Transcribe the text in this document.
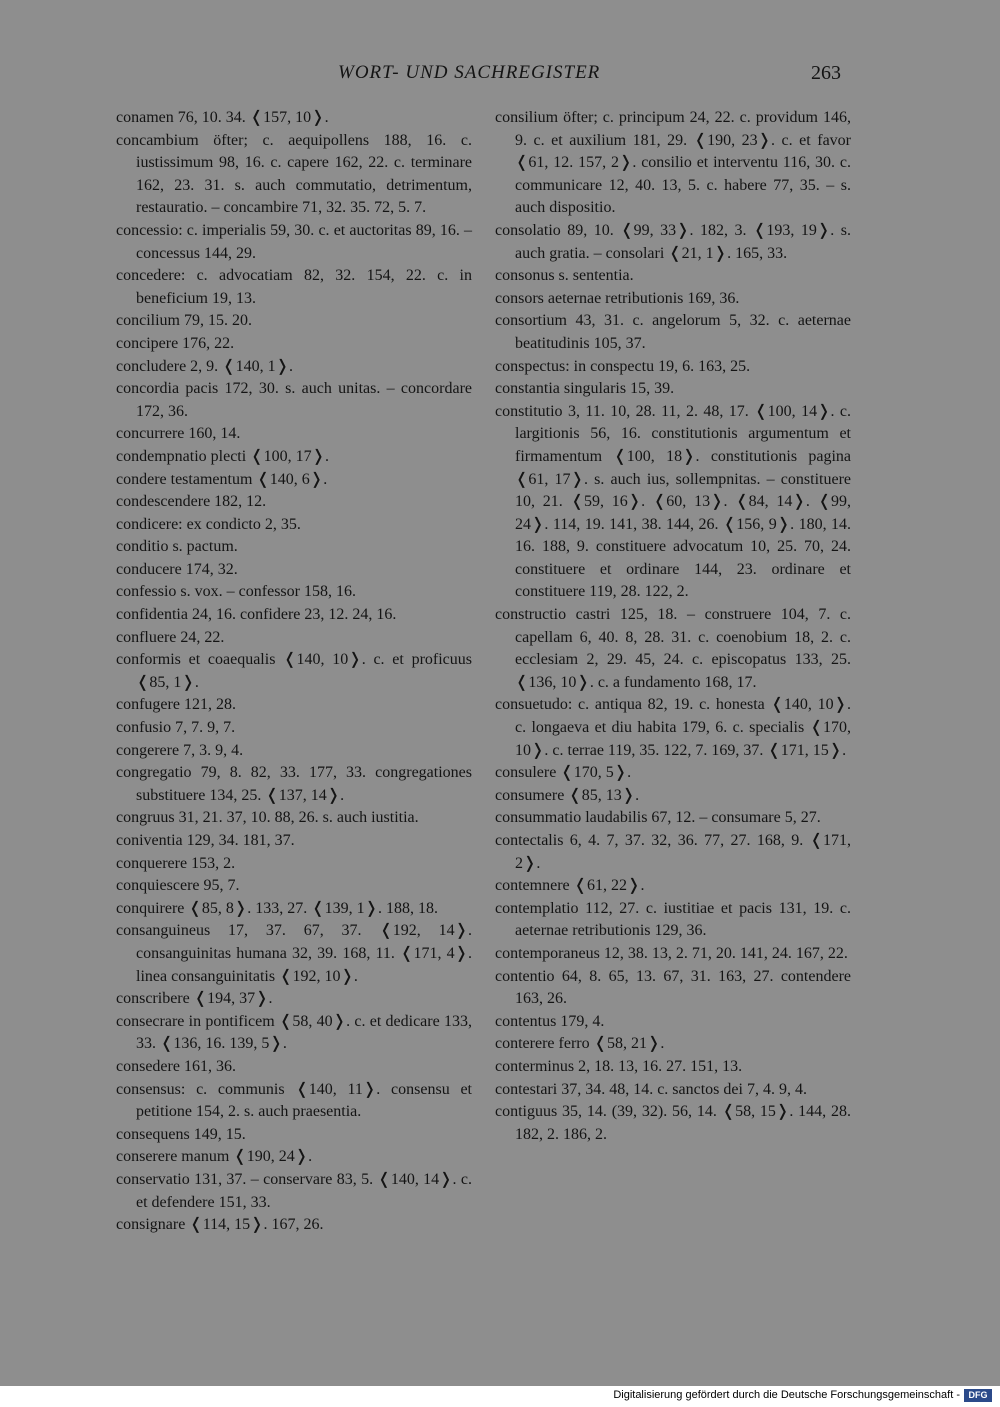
WORT- UND SACHREGISTER	263
conamen 76, 10. 34. ❬157, 10❭.
concambium öfter; c. aequipollens 188, 16. c. iustissimum 98, 16. c. capere 162, 22. c. terminare 162, 23. 31. s. auch commutatio, detrimentum, restauratio. – concambire 71, 32. 35. 72, 5. 7.
concessio: c. imperialis 59, 30. c. et auctoritas 89, 16. – concessus 144, 29.
concedere: c. advocatiam 82, 32. 154, 22. c. in beneficium 19, 13.
concilium 79, 15. 20.
concipere 176, 22.
concludere 2, 9. ❬140, 1❭.
concordia pacis 172, 30. s. auch unitas. – concordare 172, 36.
concurrere 160, 14.
condempnatio plecti ❬100, 17❭.
condere testamentum ❬140, 6❭.
condescendere 182, 12.
condicere: ex condicto 2, 35.
conditio s. pactum.
conducere 174, 32.
confessio s. vox. – confessor 158, 16.
confidentia 24, 16. confidere 23, 12. 24, 16.
confluere 24, 22.
conformis et coaequalis ❬140, 10❭. c. et proficuus ❬85, 1❭.
confugere 121, 28.
confusio 7, 7. 9, 7.
congerere 7, 3. 9, 4.
congregatio 79, 8. 82, 33. 177, 33. congregationes substituere 134, 25. ❬137, 14❭.
congruus 31, 21. 37, 10. 88, 26. s. auch iustitia.
coniventia 129, 34. 181, 37.
conquerere 153, 2.
conquiescere 95, 7.
conquirere ❬85, 8❭. 133, 27. ❬139, 1❭. 188, 18.
consanguineus 17, 37. 67, 37. ❬192, 14❭. consanguinitas humana 32, 39. 168, 11. ❬171, 4❭. linea consanguinitatis ❬192, 10❭.
conscribere ❬194, 37❭.
consecrare in pontificem ❬58, 40❭. c. et dedicare 133, 33. ❬136, 16. 139, 5❭.
consedere 161, 36.
consensus: c. communis ❬140, 11❭. consensu et petitione 154, 2. s. auch praesentia.
consequens 149, 15.
conserere manum ❬190, 24❭.
conservatio 131, 37. – conservare 83, 5. ❬140, 14❭. c. et defendere 151, 33.
consignare ❬114, 15❭. 167, 26.
consilium öfter; c. principum 24, 22. c. providum 146, 9. c. et auxilium 181, 29. ❬190, 23❭. c. et favor ❬61, 12. 157, 2❭. consilio et interventu 116, 30. c. communicare 12, 40. 13, 5. c. habere 77, 35. – s. auch dispositio.
consolatio 89, 10. ❬99, 33❭. 182, 3. ❬193, 19❭. s. auch gratia. – consolari ❬21, 1❭. 165, 33.
consonus s. sententia.
consors aeternae retributionis 169, 36.
consortium 43, 31. c. angelorum 5, 32. c. aeternae beatitudinis 105, 37.
conspectus: in conspectu 19, 6. 163, 25.
constantia singularis 15, 39.
constitutio 3, 11. 10, 28. 11, 2. 48, 17. ❬100, 14❭. c. largitionis 56, 16. constitutionis argumentum et firmamentum ❬100, 18❭. constitutionis pagina ❬61, 17❭. s. auch ius, sollempnitas. – constituere 10, 21. ❬59, 16❭. ❬60, 13❭. ❬84, 14❭. ❬99, 24❭. 114, 19. 141, 38. 144, 26. ❬156, 9❭. 180, 14. 16. 188, 9. constituere advocatum 10, 25. 70, 24. constituere et ordinare 144, 23. ordinare et constituere 119, 28. 122, 2.
constructio castri 125, 18. – construere 104, 7. c. capellam 6, 40. 8, 28. 31. c. coenobium 18, 2. c. ecclesiam 2, 29. 45, 24. c. episcopatus 133, 25. ❬136, 10❭. c. a fundamento 168, 17.
consuetudo: c. antiqua 82, 19. c. honesta ❬140, 10❭. c. longaeva et diu habita 179, 6. c. specialis ❬170, 10❭. c. terrae 119, 35. 122, 7. 169, 37. ❬171, 15❭.
consulere ❬170, 5❭.
consumere ❬85, 13❭.
consummatio laudabilis 67, 12. – consumare 5, 27.
contectalis 6, 4. 7, 37. 32, 36. 77, 27. 168, 9. ❬171, 2❭.
contemnere ❬61, 22❭.
contemplatio 112, 27. c. iustitiae et pacis 131, 19. c. aeternae retributionis 129, 36.
contemporaneus 12, 38. 13, 2. 71, 20. 141, 24. 167, 22.
contentio 64, 8. 65, 13. 67, 31. 163, 27. contendere 163, 26.
contentus 179, 4.
conterere ferro ❬58, 21❭.
conterminus 2, 18. 13, 16. 27. 151, 13.
contestari 37, 34. 48, 14. c. sanctos dei 7, 4. 9, 4.
contiguus 35, 14. (39, 32). 56, 14. ❬58, 15❭. 144, 28. 182, 2. 186, 2.
Digitalisierung gefördert durch die Deutsche Forschungsgemeinschaft - DFG
